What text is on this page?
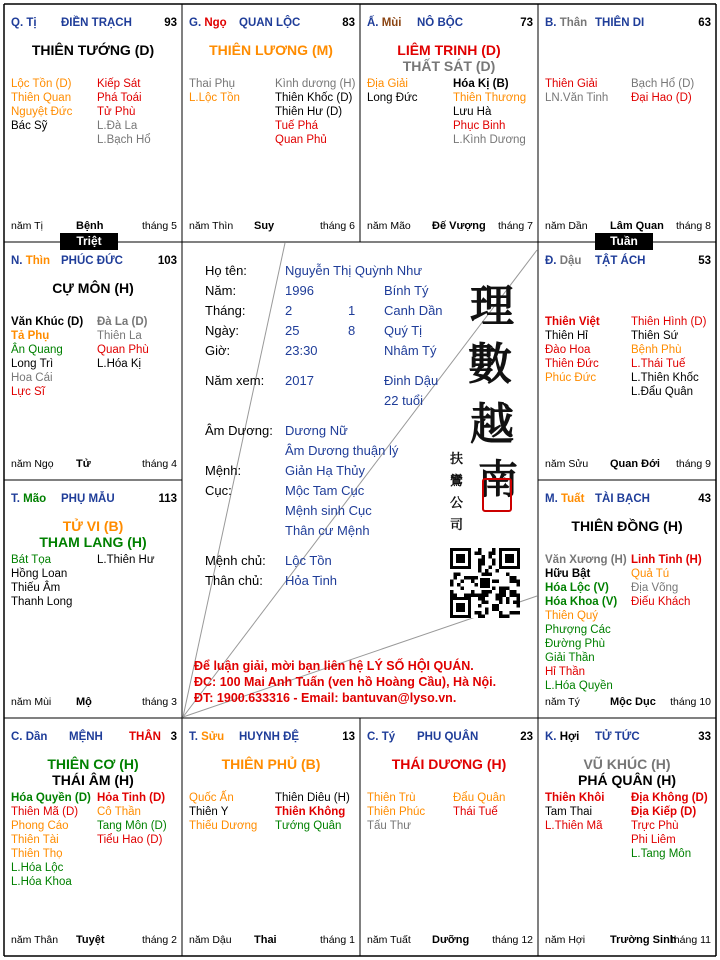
Q. Tị ĐIỀN TRẠCH	93
THIÊN TƯỚNG (D)
Lộc Tồn (D)
Thiên Quan
Nguyệt Đức
Bác Sỹ
Kiếp Sát
Phá Toái
Tử Phù
L.Đà La
L.Bạch Hổ
năm Tị	Bệnh	tháng 5
G. Ngọ QUAN LỘC	83
THIÊN LƯƠNG (M)
Thai Phụ
L.Lộc Tồn
Kình dương (H)
Thiên Khốc (D)
Thiên Hư (D)
Tuế Phá
Quan Phủ
năm Thìn Suy	tháng 6
Ấ. Mùi NÔ BỘC	73
LIÊM TRINH (D)
THẤT SÁT (D)
Địa Giải
Long Đức
Hóa Kị (B)
Thiên Thương
Lưu Hà
Phục Binh
L.Kình Dương
năm Mão Đế Vượng tháng 7
B. Thân THIÊN DI	63
Thiên Giải
LN.Văn Tinh
Bạch Hổ (D)
Đại Hao (D)
năm Dần Lâm Quan tháng 8
Đ. Dậu TẬT ÁCH	53
Thiên Việt
Thiên Hỉ
Đào Hoa
Thiên Đức
Phúc Đức
Thiên Hình (D)
Thiên Sứ
Bệnh Phù
L.Thái Tuế
L.Thiên Khốc
L.Đẩu Quân
năm Sửu Quan Đới tháng 9
M. Tuất TÀI BẠCH	43
THIÊN ĐỒNG (H)
Văn Xương (H)
Hữu Bật
Hóa Lộc (V)
Hóa Khoa (V)
Thiên Quý
Phượng Các
Đường Phù
Giải Thần
Hỉ Thần
L.Hóa Quyền
Linh Tinh (H)
Quả Tú
Địa Võng
Điếu Khách
năm Tý	Mộc Dục tháng 10
K. Hợi TỬ TỨC	33
VŨ KHÚC (H)
PHÁ QUÂN (H)
Thiên Khôi
Tam Thai
L.Thiên Mã
Địa Không (D)
Địa Kiếp (D)
Trực Phù
Phi Liêm
L.Tang Môn
năm Hợi Trường Sinh
tháng 11
C. Tý PHU QUÂN	23
THÁI DƯƠNG (H)
Thiên Trù
Thiên Phúc
Tấu Thư
Đẩu Quân
Thái Tuế
năm Tuất Dưỡng tháng 12
T. Sửu HUYNH ĐỆ	13
THIÊN PHỦ (B)
Quốc Ấn
Thiên Y
Thiếu Dương
Thiên Diêu (H)
Thiên Không
Tướng Quân
năm Dậu Thai	tháng 1
C. Dần MỆNH THÂN 3
THIÊN CƠ (H)
THÁI ÂM (H)
Hóa Quyền (D)
Thiên Mã (D)
Phong Cáo
Thiên Tài
Thiên Thọ
L.Hóa Lộc
L.Hóa Khoa
Hỏa Tinh (D)
Cô Thần
Tang Môn (D)
Tiểu Hao (D)
năm Thân Tuyệt	tháng 2
T. Mão PHỤ MẪU	113
TỬ VI (B)
THAM LANG (H)
Bát Tọa
Hồng Loan
Thiếu Âm
Thanh Long
L.Thiên Hư
năm Mùi Mộ	tháng 3
N. Thìn PHÚC ĐỨC	103
CỰ MÔN (H)
Văn Khúc (D)
Tả Phụ
Ân Quang
Long Trì
Hoa Cái
Lực Sĩ
Đà La (D)
Thiên La
Quan Phù
L.Hóa Kị
năm Ngọ Tử	tháng 4
Triệt	Tuần
Họ tên:	Nguyễn Thị Quỳnh Như
Năm:	1996	Bính Tý
Tháng:	2	1 Canh Dần
Ngày:	25	8 Quý Tị
Giờ:	23:30	Nhâm Tý
Năm xem: 2017	Đinh Dậu
22 tuổi
Âm Dương: Dương Nữ
Âm Dương thuận lý
Mệnh:	Giản Hạ Thủy
Cục:	Mộc Tam Cục
Mệnh sinh Cục
Thân cư Mệnh
Mệnh chủ: Lộc Tồn
Thân chủ: Hỏa Tinh
理
數
越
南
扶
鸞
公
司
Để luận giải, mời bạn liên hệ LÝ SỐ HỘI QUÁN.
ĐC: 100 Mai Anh Tuấn (ven hồ Hoàng Cầu), Hà Nội.
ĐT: 1900.633316 - Email: bantuvan@lyso.vn.
